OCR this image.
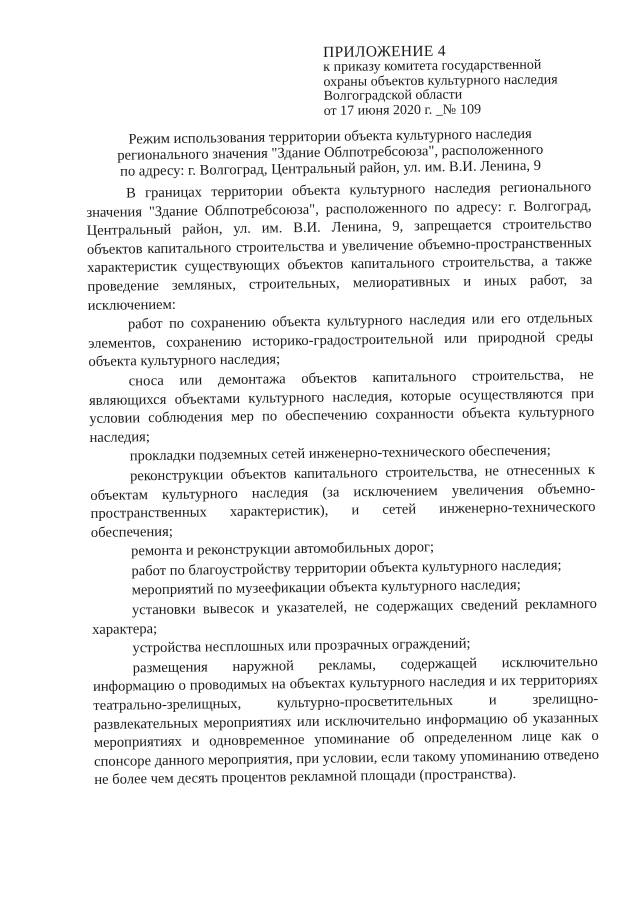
ПРИЛОЖЕНИЕ 4
к приказу комитета государственной
охраны объектов культурного наследия
Волгоградской области
от 17 июня 2020 г. _№ 109
Режим использования территории объекта культурного наследия
регионального значения "Здание Облпотребсоюза", расположенного
по адресу: г. Волгоград, Центральный район, ул. им. В.И. Ленина, 9

В границах территории объекта культурного наследия регионального значения "Здание Облпотребсоюза", расположенного по адресу: г. Волгоград, Центральный район, ул. им. В.И. Ленина, 9, запрещается строительство объектов капитального строительства и увеличение объемно-пространственных характеристик существующих объектов капитального строительства, а также проведение земляных, строительных, мелиоративных и иных работ, за исключением:

работ по сохранению объекта культурного наследия или его отдельных элементов, сохранению историко-градостроительной или природной среды объекта культурного наследия;

сноса или демонтажа объектов капитального строительства, не являющихся объектами культурного наследия, которые осуществляются при условии соблюдения мер по обеспечению сохранности объекта культурного наследия;

прокладки подземных сетей инженерно-технического обеспечения;

реконструкции объектов капитального строительства, не отнесенных к объектам культурного наследия (за исключением увеличения объемно-пространственных характеристик), и сетей инженерно-технического обеспечения;

ремонта и реконструкции автомобильных дорог;

работ по благоустройству территории объекта культурного наследия;

мероприятий по музеефикации объекта культурного наследия;

установки вывесок и указателей, не содержащих сведений рекламного характера;

устройства несплошных или прозрачных ограждений;

размещения наружной рекламы, содержащей исключительно информацию о проводимых на объектах культурного наследия и их территориях театрально-зрелищных, культурно-просветительных и зрелищно-развлекательных мероприятиях или исключительно информацию об указанных мероприятиях и одновременное упоминание об определенном лице как о спонсоре данного мероприятия, при условии, если такому упоминанию отведено не более чем десять процентов рекламной площади (пространства).
